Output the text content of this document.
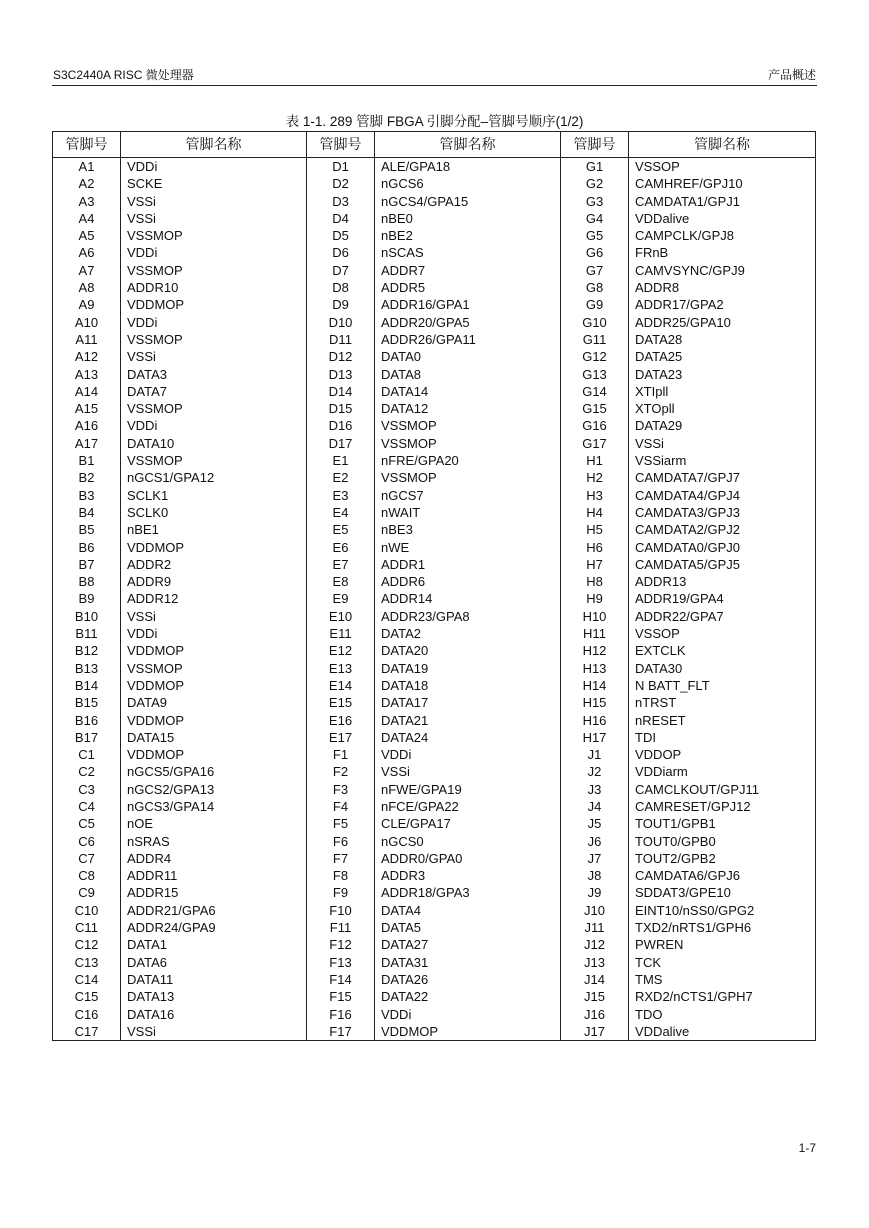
S3C2440A RISC 微处理器	产品概述
表 1-1. 289 管脚 FBGA 引脚分配–管脚号顺序(1/2)
管脚号	管脚名称	管脚号	管脚名称	管脚号	管脚名称
A1	VDDi	D1	ALE/GPA18	G1	VSSOP
A2	SCKE	D2	nGCS6	G2	CAMHREF/GPJ10
A3	VSSi	D3	nGCS4/GPA15	G3	CAMDATA1/GPJ1
A4	VSSi	D4	nBE0	G4	VDDalive
A5	VSSMOP	D5	nBE2	G5	CAMPCLK/GPJ8
A6	VDDi	D6	nSCAS	G6	FRnB
A7	VSSMOP	D7	ADDR7	G7	CAMVSYNC/GPJ9
A8	ADDR10	D8	ADDR5	G8	ADDR8
A9	VDDMOP	D9	ADDR16/GPA1	G9	ADDR17/GPA2
A10	VDDi	D10	ADDR20/GPA5	G10	ADDR25/GPA10
A11	VSSMOP	D11	ADDR26/GPA11	G11	DATA28
A12	VSSi	D12	DATA0	G12	DATA25
A13	DATA3	D13	DATA8	G13	DATA23
A14	DATA7	D14	DATA14	G14	XTIpll
A15	VSSMOP	D15	DATA12	G15	XTOpll
A16	VDDi	D16	VSSMOP	G16	DATA29
A17	DATA10	D17	VSSMOP	G17	VSSi
B1	VSSMOP	E1	nFRE/GPA20	H1	VSSiarm
B2	nGCS1/GPA12	E2	VSSMOP	H2	CAMDATA7/GPJ7
B3	SCLK1	E3	nGCS7	H3	CAMDATA4/GPJ4
B4	SCLK0	E4	nWAIT	H4	CAMDATA3/GPJ3
B5	nBE1	E5	nBE3	H5	CAMDATA2/GPJ2
B6	VDDMOP	E6	nWE	H6	CAMDATA0/GPJ0
B7	ADDR2	E7	ADDR1	H7	CAMDATA5/GPJ5
B8	ADDR9	E8	ADDR6	H8	ADDR13
B9	ADDR12	E9	ADDR14	H9	ADDR19/GPA4
B10	VSSi	E10	ADDR23/GPA8	H10	ADDR22/GPA7
B11	VDDi	E11	DATA2	H11	VSSOP
B12	VDDMOP	E12	DATA20	H12	EXTCLK
B13	VSSMOP	E13	DATA19	H13	DATA30
B14	VDDMOP	E14	DATA18	H14	N BATT_FLT
B15	DATA9	E15	DATA17	H15	nTRST
B16	VDDMOP	E16	DATA21	H16	nRESET
B17	DATA15	E17	DATA24	H17	TDI
C1	VDDMOP	F1	VDDi	J1	VDDOP
C2	nGCS5/GPA16	F2	VSSi	J2	VDDiarm
C3	nGCS2/GPA13	F3	nFWE/GPA19	J3	CAMCLKOUT/GPJ11
C4	nGCS3/GPA14	F4	nFCE/GPA22	J4	CAMRESET/GPJ12
C5	nOE	F5	CLE/GPA17	J5	TOUT1/GPB1
C6	nSRAS	F6	nGCS0	J6	TOUT0/GPB0
C7	ADDR4	F7	ADDR0/GPA0	J7	TOUT2/GPB2
C8	ADDR11	F8	ADDR3	J8	CAMDATA6/GPJ6
C9	ADDR15	F9	ADDR18/GPA3	J9	SDDAT3/GPE10
C10	ADDR21/GPA6	F10	DATA4	J10	EINT10/nSS0/GPG2
C11	ADDR24/GPA9	F11	DATA5	J11	TXD2/nRTS1/GPH6
C12	DATA1	F12	DATA27	J12	PWREN
C13	DATA6	F13	DATA31	J13	TCK
C14	DATA11	F14	DATA26	J14	TMS
C15	DATA13	F15	DATA22	J15	RXD2/nCTS1/GPH7
C16	DATA16	F16	VDDi	J16	TDO
C17	VSSi	F17	VDDMOP	J17	VDDalive
1-7
